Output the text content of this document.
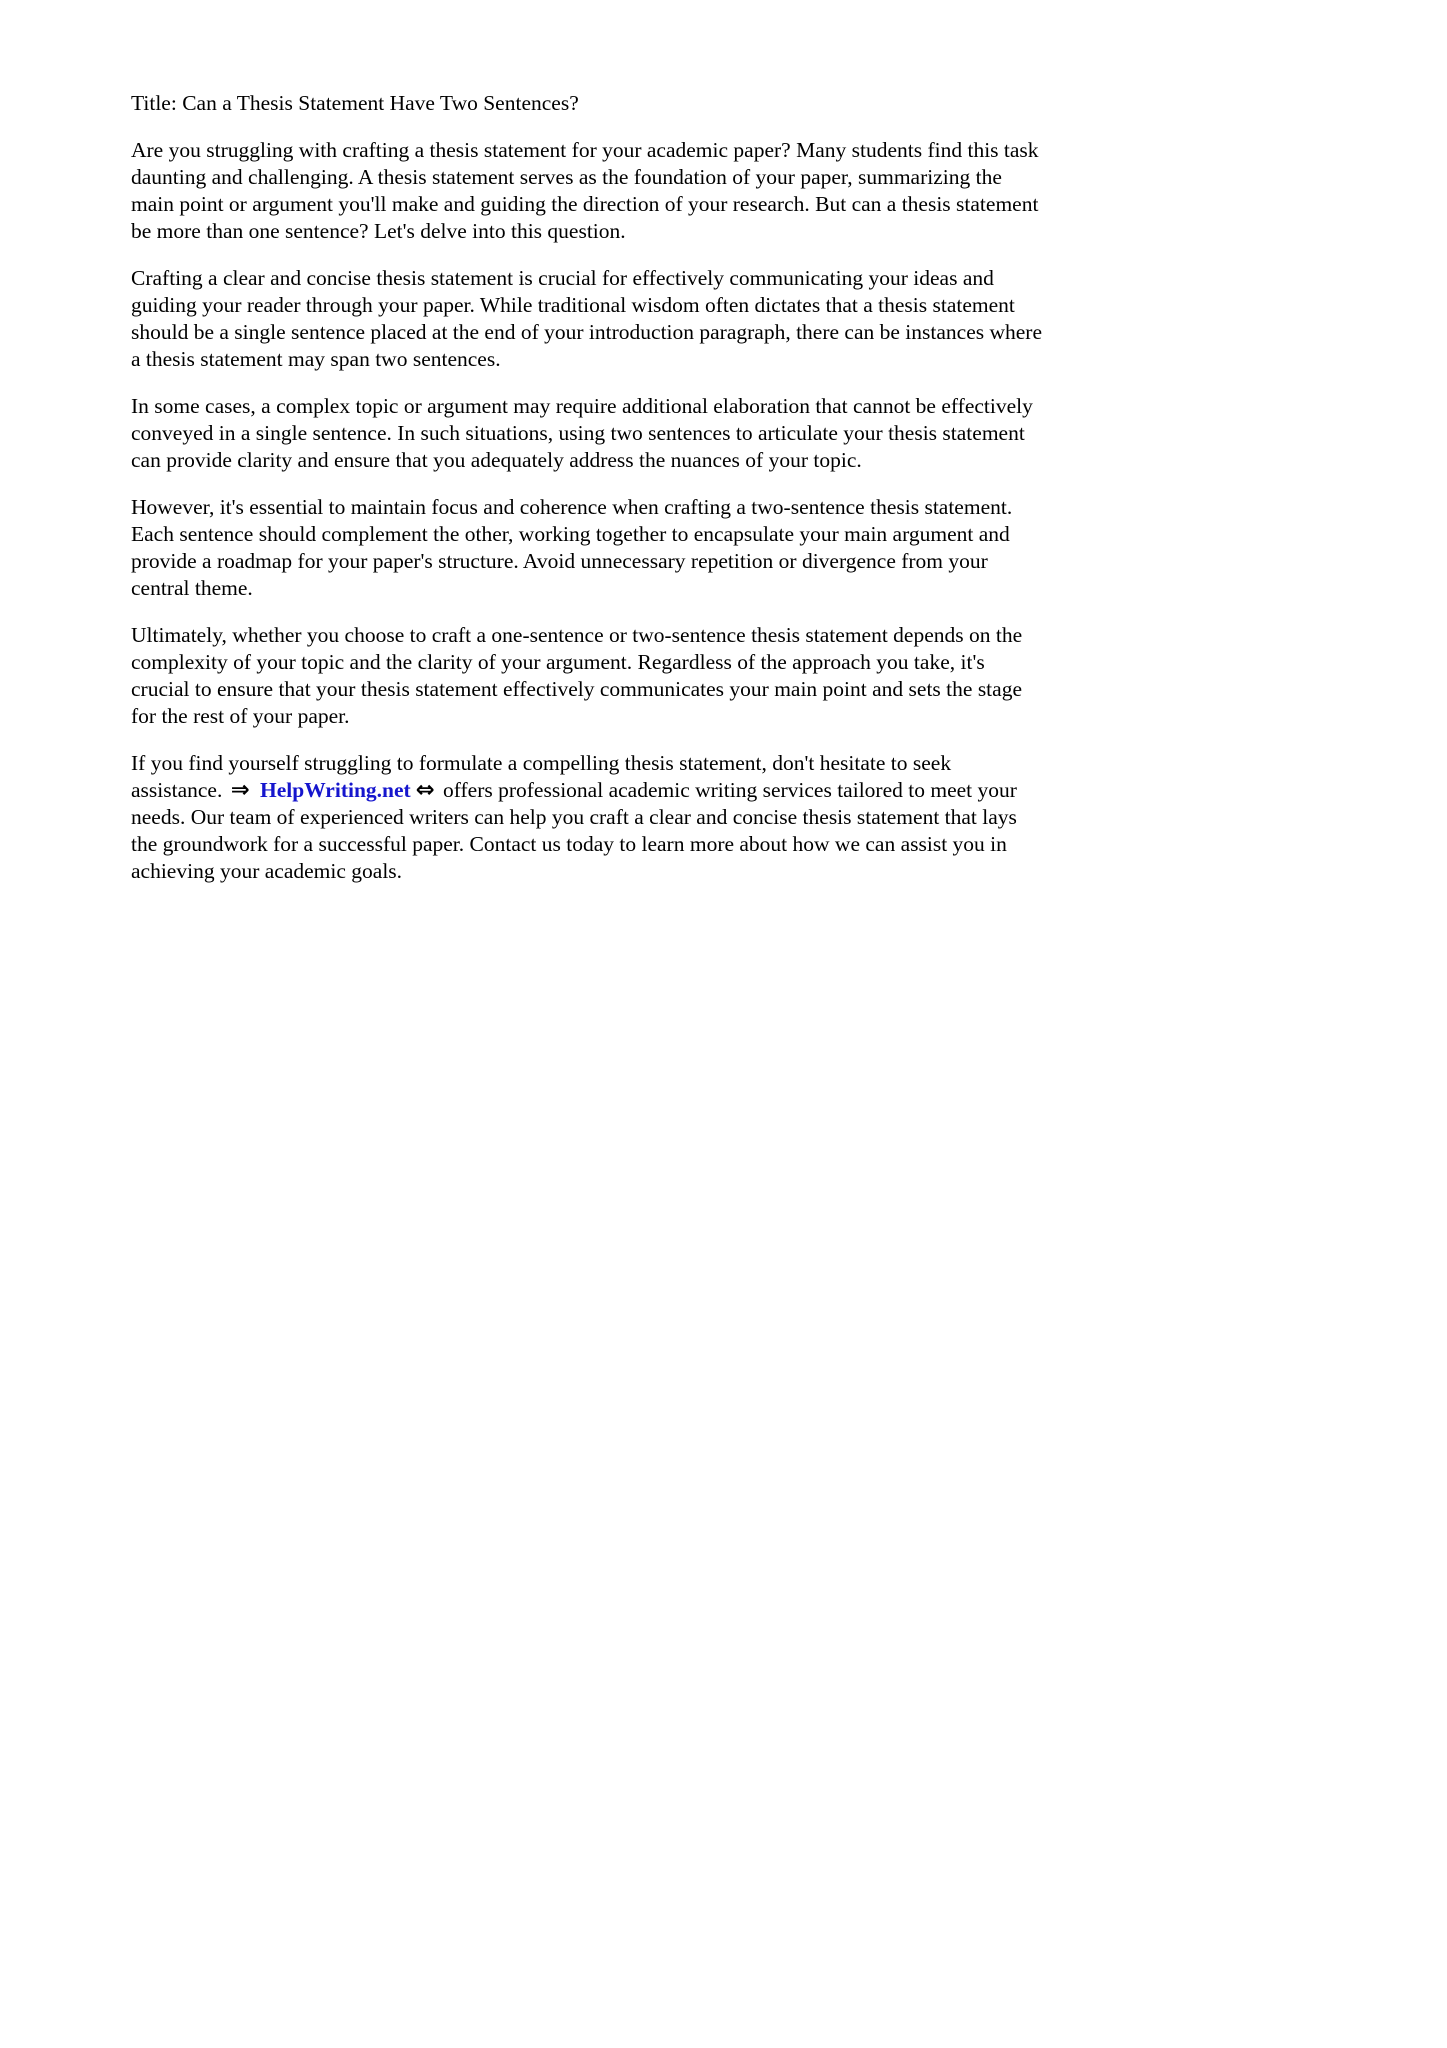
Title: Can a Thesis Statement Have Two Sentences?

Are you struggling with crafting a thesis statement for your academic paper? Many students find this task daunting and challenging. A thesis statement serves as the foundation of your paper, summarizing the main point or argument you'll make and guiding the direction of your research. But can a thesis statement be more than one sentence? Let's delve into this question.

Crafting a clear and concise thesis statement is crucial for effectively communicating your ideas and guiding your reader through your paper. While traditional wisdom often dictates that a thesis statement should be a single sentence placed at the end of your introduction paragraph, there can be instances where a thesis statement may span two sentences.

In some cases, a complex topic or argument may require additional elaboration that cannot be effectively conveyed in a single sentence. In such situations, using two sentences to articulate your thesis statement can provide clarity and ensure that you adequately address the nuances of your topic.

However, it's essential to maintain focus and coherence when crafting a two-sentence thesis statement. Each sentence should complement the other, working together to encapsulate your main argument and provide a roadmap for your paper's structure. Avoid unnecessary repetition or divergence from your central theme.

Ultimately, whether you choose to craft a one-sentence or two-sentence thesis statement depends on the complexity of your topic and the clarity of your argument. Regardless of the approach you take, it's crucial to ensure that your thesis statement effectively communicates your main point and sets the stage for the rest of your paper.

If you find yourself struggling to formulate a compelling thesis statement, don't hesitate to seek assistance. ⇒ HelpWriting.net ⇔ offers professional academic writing services tailored to meet your needs. Our team of experienced writers can help you craft a clear and concise thesis statement that lays the groundwork for a successful paper. Contact us today to learn more about how we can assist you in achieving your academic goals.
